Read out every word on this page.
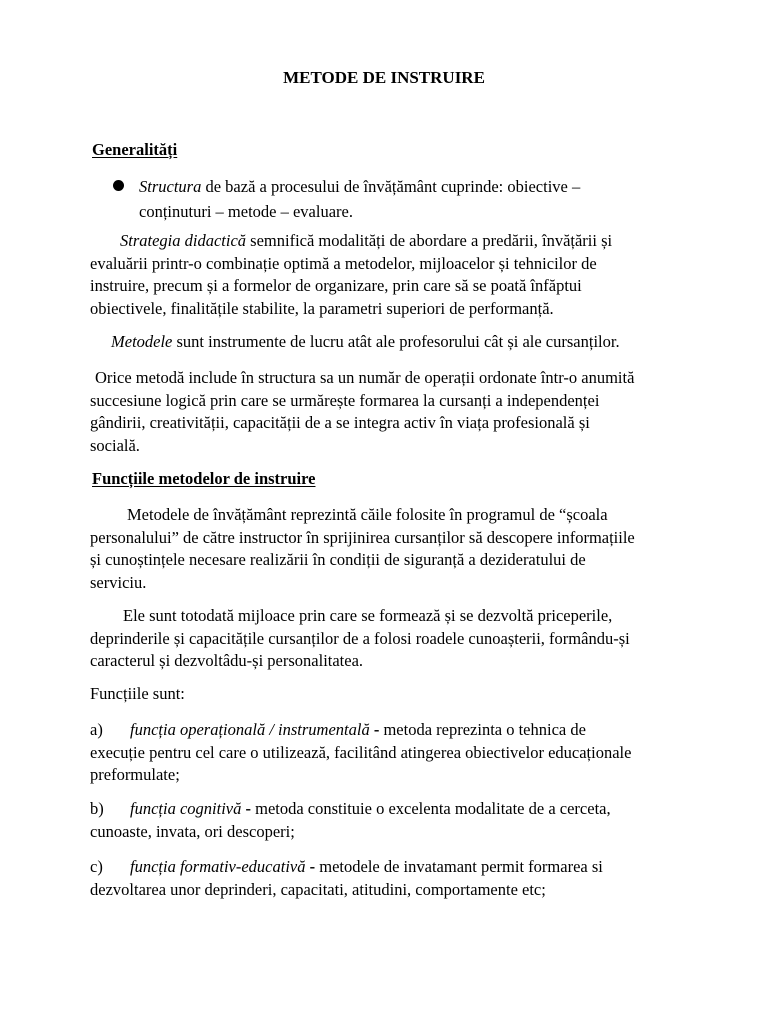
METODE DE INSTRUIRE
Generalități
Structura de bază a procesului de învățământ cuprinde: obiective –
conținuturi – metode – evaluare.
Strategia didactică semnifică modalități de abordare a predării, învățării și
evaluării printr-o combinație optimă a metodelor, mijloacelor și tehnicilor de
instruire, precum și a formelor de organizare, prin care să se poată înfăptui
obiectivele, finalitățile stabilite, la parametri superiori de performanță.
Metodele sunt instrumente de lucru atât ale profesorului cât și ale cursanților.
Orice metodă include în structura sa un număr de operații ordonate într-o anumită
succesiune logică prin care se urmărește formarea la cursanți a independenței
gândirii, creativității, capacității de a se integra activ în viața profesională și
socială.
Funcțiile metodelor de instruire
Metodele de învățământ reprezintă căile folosite în programul de “școala
personalului” de către instructor în sprijinirea cursanților să descopere informațiile
și cunoștințele necesare realizării în condiții de siguranță a dezideratului de
serviciu.
Ele sunt totodată mijloace prin care se formează și se dezvoltă priceperile,
deprinderile și capacitățile cursanților de a folosi roadele cunoașterii, formându-și
caracterul și dezvoltâdu-și personalitatea.
Funcțiile sunt:
a) funcția operațională / instrumentală - metoda reprezinta o tehnica de
execuție pentru cel care o utilizează, facilitând atingerea obiectivelor educaționale
preformulate;
b) funcția cognitivă - metoda constituie o excelenta modalitate de a cerceta,
cunoaste, invata, ori descoperi;
c) funcția formativ-educativă - metodele de invatamant permit formarea si
dezvoltarea unor deprinderi, capacitati, atitudini, comportamente etc;
